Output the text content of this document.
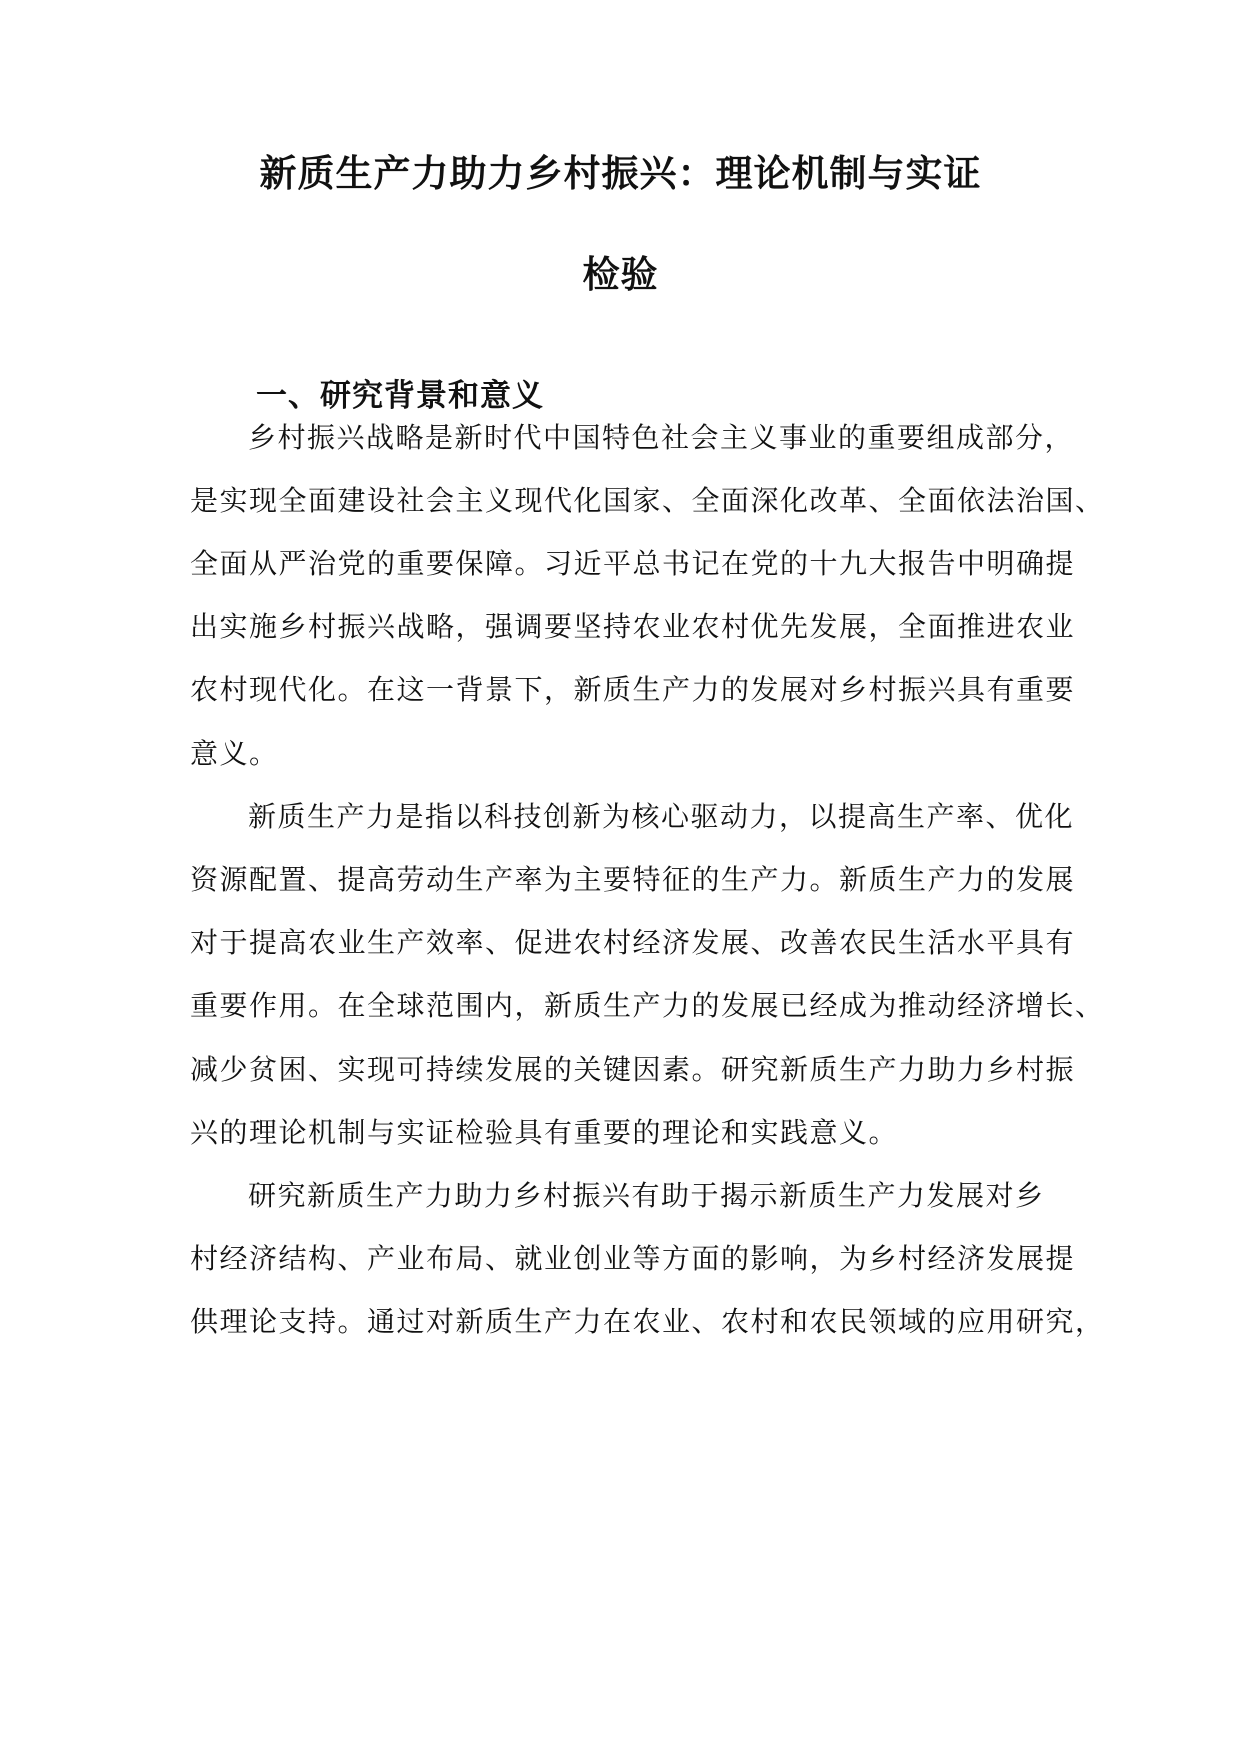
新质生产力助力乡村振兴：理论机制与实证
检验
一、研究背景和意义
乡村振兴战略是新时代中国特色社会主义事业的重要组成部分，
是实现全面建设社会主义现代化国家、全面深化改革、全面依法治国、
全面从严治党的重要保障。习近平总书记在党的十九大报告中明确提
出实施乡村振兴战略，强调要坚持农业农村优先发展，全面推进农业
农村现代化。在这一背景下，新质生产力的发展对乡村振兴具有重要
意义。
新质生产力是指以科技创新为核心驱动力，以提高生产率、优化
资源配置、提高劳动生产率为主要特征的生产力。新质生产力的发展
对于提高农业生产效率、促进农村经济发展、改善农民生活水平具有
重要作用。在全球范围内，新质生产力的发展已经成为推动经济增长、
减少贫困、实现可持续发展的关键因素。研究新质生产力助力乡村振
兴的理论机制与实证检验具有重要的理论和实践意义。
研究新质生产力助力乡村振兴有助于揭示新质生产力发展对乡
村经济结构、产业布局、就业创业等方面的影响，为乡村经济发展提
供理论支持。通过对新质生产力在农业、农村和农民领域的应用研究，
